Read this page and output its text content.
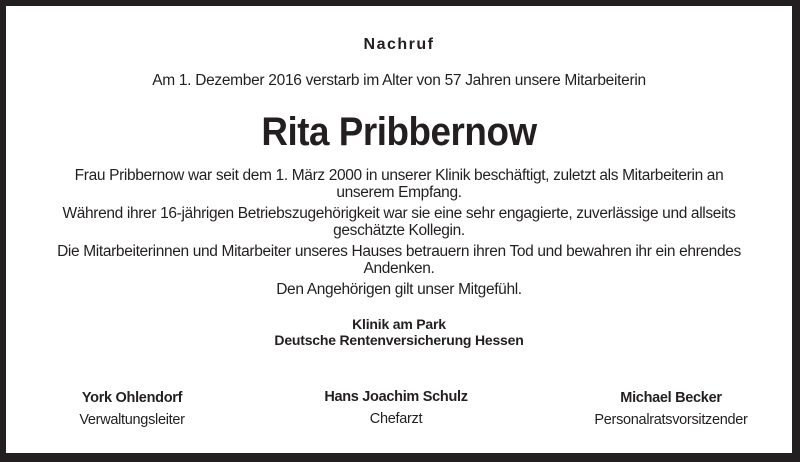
Nachruf
Am 1. Dezember 2016 verstarb im Alter von 57 Jahren unsere Mitarbeiterin
Rita Pribbernow

Frau Pribbernow war seit dem 1. März 2000 in unserer Klinik beschäftigt, zuletzt als Mitarbeiterin an unserem Empfang.

Während ihrer 16-jährigen Betriebszugehörigkeit war sie eine sehr engagierte, zuverlässige und allseits geschätzte Kollegin.

Die Mitarbeiterinnen und Mitarbeiter unseres Hauses betrauern ihren Tod und bewahren ihr ein ehrendes Andenken.

Den Angehörigen gilt unser Mitgefühl.

Klinik am Park
Deutsche Rentenversicherung Hessen
York Ohlendorf
Verwaltungsleiter
Hans Joachim Schulz
Chefarzt
Michael Becker
Personalratsvorsitzender
